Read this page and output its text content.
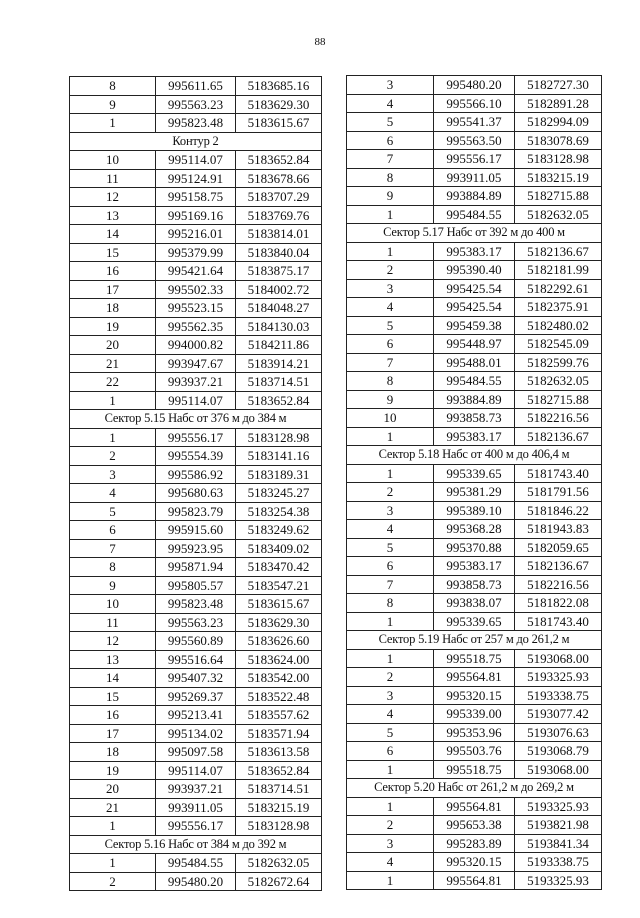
88
8	995611.65	5183685.16
9	995563.23	5183629.30
1	995823.48	5183615.67
Контур 2		
10	995114.07	5183652.84
11	995124.91	5183678.66
12	995158.75	5183707.29
13	995169.16	5183769.76
14	995216.01	5183814.01
15	995379.99	5183840.04
16	995421.64	5183875.17
17	995502.33	5184002.72
18	995523.15	5184048.27
19	995562.35	5184130.03
20	994000.82	5184211.86
21	993947.67	5183914.21
22	993937.21	5183714.51
1	995114.07	5183652.84
Сектор 5.15 Набс от 376 м до 384 м		
1	995556.17	5183128.98
2	995554.39	5183141.16
3	995586.92	5183189.31
4	995680.63	5183245.27
5	995823.79	5183254.38
6	995915.60	5183249.62
7	995923.95	5183409.02
8	995871.94	5183470.42
9	995805.57	5183547.21
10	995823.48	5183615.67
11	995563.23	5183629.30
12	995560.89	5183626.60
13	995516.64	5183624.00
14	995407.32	5183542.00
15	995269.37	5183522.48
16	995213.41	5183557.62
17	995134.02	5183571.94
18	995097.58	5183613.58
19	995114.07	5183652.84
20	993937.21	5183714.51
21	993911.05	5183215.19
1	995556.17	5183128.98
Сектор 5.16 Набс от 384 м до 392 м		
1	995484.55	5182632.05
2	995480.20	5182672.64
3	995480.20	5182727.30
4	995566.10	5182891.28
5	995541.37	5182994.09
6	995563.50	5183078.69
7	995556.17	5183128.98
8	993911.05	5183215.19
9	993884.89	5182715.88
1	995484.55	5182632.05
Сектор 5.17 Набс от 392 м до 400 м		
1	995383.17	5182136.67
2	995390.40	5182181.99
3	995425.54	5182292.61
4	995425.54	5182375.91
5	995459.38	5182480.02
6	995448.97	5182545.09
7	995488.01	5182599.76
8	995484.55	5182632.05
9	993884.89	5182715.88
10	993858.73	5182216.56
1	995383.17	5182136.67
Сектор 5.18 Набс от 400 м до 406,4 м		
1	995339.65	5181743.40
2	995381.29	5181791.56
3	995389.10	5181846.22
4	995368.28	5181943.83
5	995370.88	5182059.65
6	995383.17	5182136.67
7	993858.73	5182216.56
8	993838.07	5181822.08
1	995339.65	5181743.40
Сектор 5.19 Набс от 257 м до 261,2 м		
1	995518.75	5193068.00
2	995564.81	5193325.93
3	995320.15	5193338.75
4	995339.00	5193077.42
5	995353.96	5193076.63
6	995503.76	5193068.79
1	995518.75	5193068.00
Сектор 5.20 Набс от 261,2 м до 269,2 м		
1	995564.81	5193325.93
2	995653.38	5193821.98
3	995283.89	5193841.34
4	995320.15	5193338.75
1	995564.81	5193325.93
